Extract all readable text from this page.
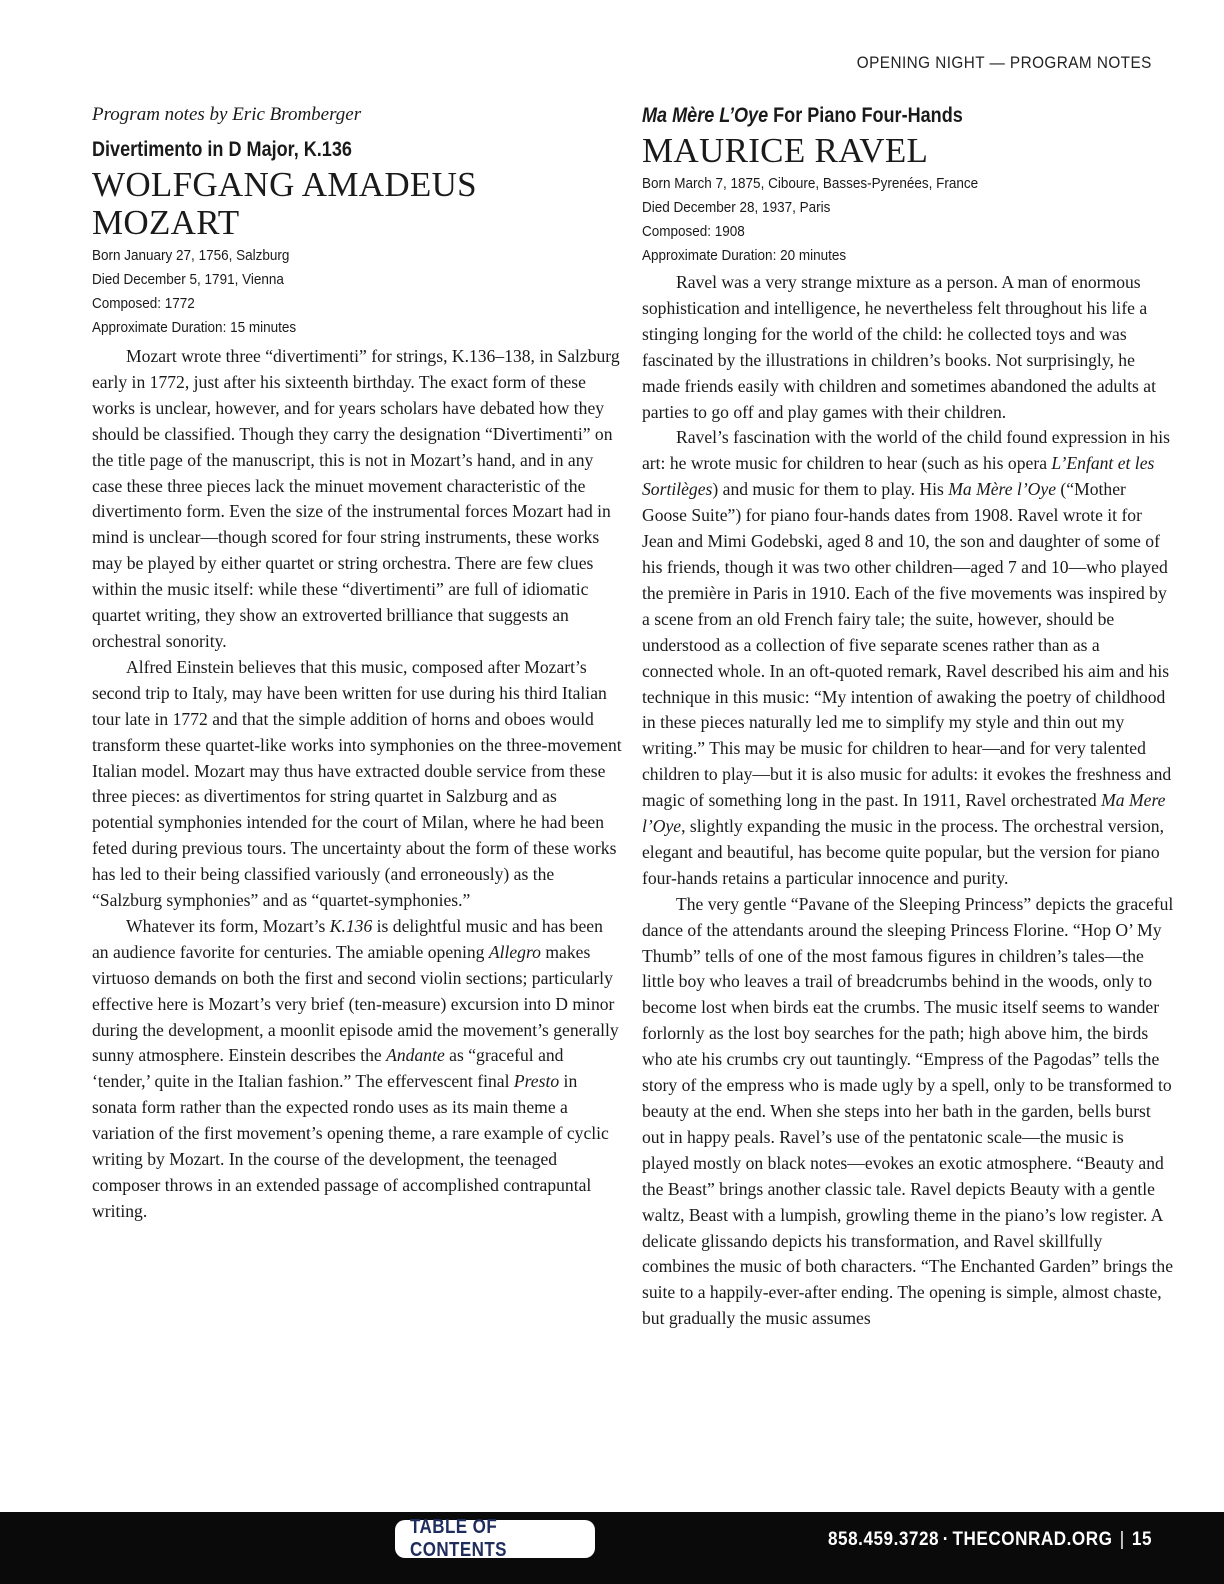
OPENING NIGHT — PROGRAM NOTES
Program notes by Eric Bromberger
Divertimento in D Major, K.136
WOLFGANG AMADEUS
MOZART
Born January 27, 1756, Salzburg
Died December 5, 1791, Vienna
Composed: 1772
Approximate Duration: 15 minutes

Mozart wrote three “divertimenti” for strings, K.136–138, in Salzburg early in 1772, just after his sixteenth birthday. The exact form of these works is unclear, however, and for years scholars have debated how they should be classified. Though they carry the designation “Divertimenti” on the title page of the manuscript, this is not in Mozart’s hand, and in any case these three pieces lack the minuet movement characteristic of the divertimento form. Even the size of the instrumental forces Mozart had in mind is unclear—though scored for four string instruments, these works may be played by either quartet or string orchestra. There are few clues within the music itself: while these “divertimenti” are full of idiomatic quartet writing, they show an extroverted brilliance that suggests an orchestral sonority.

Alfred Einstein believes that this music, composed after Mozart’s second trip to Italy, may have been written for use during his third Italian tour late in 1772 and that the simple addition of horns and oboes would transform these quartet-like works into symphonies on the three-movement Italian model. Mozart may thus have extracted double service from these three pieces: as divertimentos for string quartet in Salzburg and as potential symphonies intended for the court of Milan, where he had been feted during previous tours. The uncertainty about the form of these works has led to their being classified variously (and erroneously) as the “Salzburg symphonies” and as “quartet-symphonies.”

Whatever its form, Mozart’s K.136 is delightful music and has been an audience favorite for centuries. The amiable opening Allegro makes virtuoso demands on both the first and second violin sections; particularly effective here is Mozart’s very brief (ten-measure) excursion into D minor during the development, a moonlit episode amid the movement’s generally sunny atmosphere. Einstein describes the Andante as “graceful and ‘tender,’ quite in the Italian fashion.” The effervescent final Presto in sonata form rather than the expected rondo uses as its main theme a variation of the first movement’s opening theme, a rare example of cyclic writing by Mozart. In the course of the development, the teenaged composer throws in an extended passage of accomplished contrapuntal writing.

Ma Mère L’Oye For Piano Four-Hands
MAURICE RAVEL
Born March 7, 1875, Ciboure, Basses-Pyrenées, France
Died December 28, 1937, Paris
Composed: 1908
Approximate Duration: 20 minutes

Ravel was a very strange mixture as a person. A man of enormous sophistication and intelligence, he nevertheless felt throughout his life a stinging longing for the world of the child: he collected toys and was fascinated by the illustrations in children’s books. Not surprisingly, he made friends easily with children and sometimes abandoned the adults at parties to go off and play games with their children.

Ravel’s fascination with the world of the child found expression in his art: he wrote music for children to hear (such as his opera L’Enfant et les Sortilèges) and music for them to play. His Ma Mère l’Oye (“Mother Goose Suite”) for piano four-hands dates from 1908. Ravel wrote it for Jean and Mimi Godebski, aged 8 and 10, the son and daughter of some of his friends, though it was two other children—aged 7 and 10—who played the première in Paris in 1910. Each of the five movements was inspired by a scene from an old French fairy tale; the suite, however, should be understood as a collection of five separate scenes rather than as a connected whole. In an oft-quoted remark, Ravel described his aim and his technique in this music: “My intention of awaking the poetry of childhood in these pieces naturally led me to simplify my style and thin out my writing.” This may be music for children to hear—and for very talented children to play—but it is also music for adults: it evokes the freshness and magic of something long in the past. In 1911, Ravel orchestrated Ma Mere l’Oye, slightly expanding the music in the process. The orchestral version, elegant and beautiful, has become quite popular, but the version for piano four-hands retains a particular innocence and purity.

The very gentle “Pavane of the Sleeping Princess” depicts the graceful dance of the attendants around the sleeping Princess Florine. “Hop O’ My Thumb” tells of one of the most famous figures in children’s tales—the little boy who leaves a trail of breadcrumbs behind in the woods, only to become lost when birds eat the crumbs. The music itself seems to wander forlornly as the lost boy searches for the path; high above him, the birds who ate his crumbs cry out tauntingly. “Empress of the Pagodas” tells the story of the empress who is made ugly by a spell, only to be transformed to beauty at the end. When she steps into her bath in the garden, bells burst out in happy peals. Ravel’s use of the pentatonic scale—the music is played mostly on black notes—evokes an exotic atmosphere. “Beauty and the Beast” brings another classic tale. Ravel depicts Beauty with a gentle waltz, Beast with a lumpish, growling theme in the piano’s low register. A delicate glissando depicts his transformation, and Ravel skillfully combines the music of both characters. “The Enchanted Garden” brings the suite to a happily-ever-after ending. The opening is simple, almost chaste, but gradually the music assumes

TABLE OF CONTENTS	858.459.3728 · THECONRAD.ORG | 15
